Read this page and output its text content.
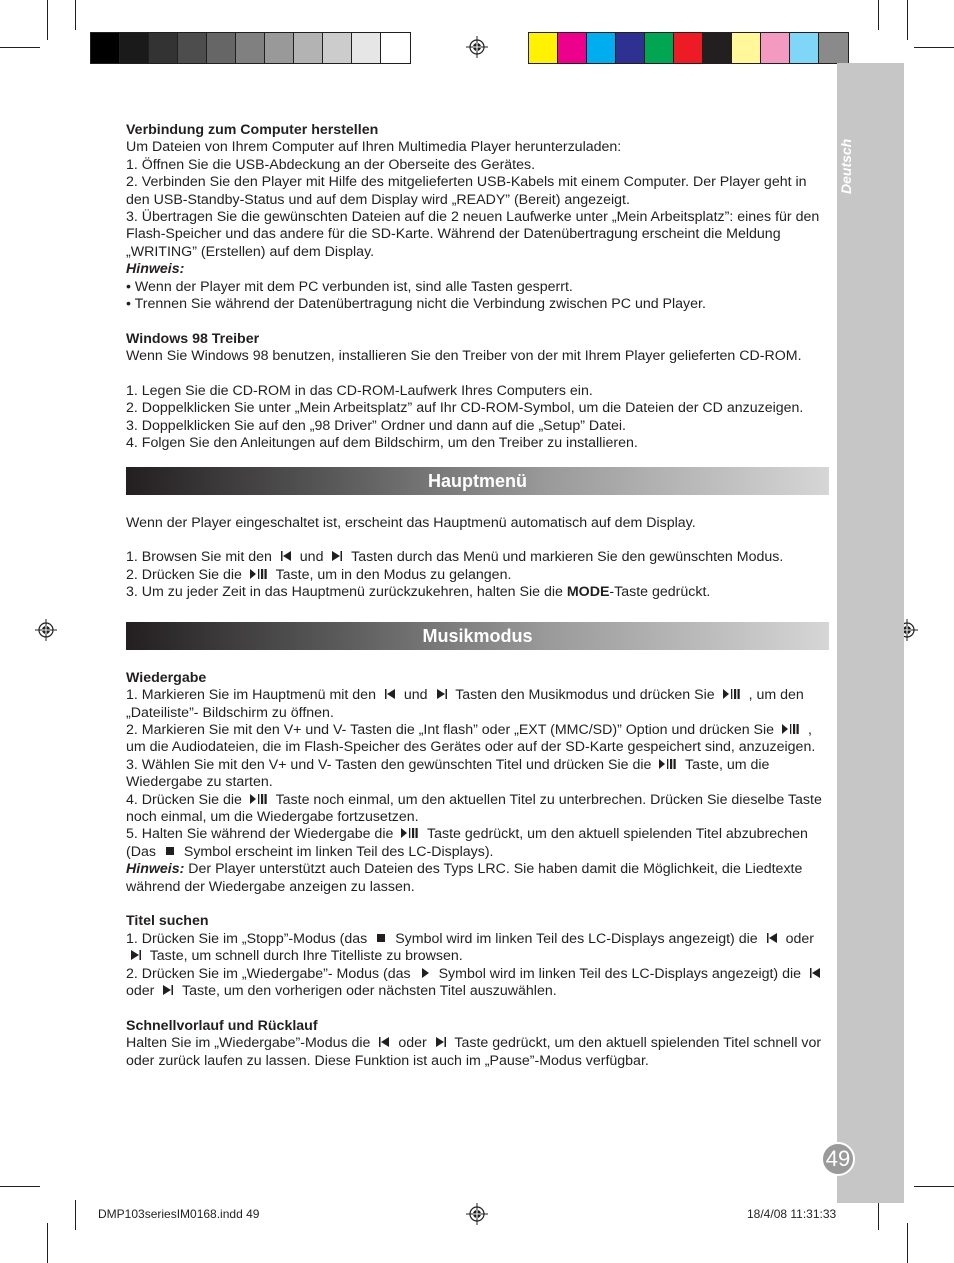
Deutsch
49

Verbindung zum Computer herstellen

Um Dateien von Ihrem Computer auf Ihren Multimedia Player herunterzuladen:

1. Öffnen Sie die USB-Abdeckung an der Oberseite des Gerätes.

2. Verbinden Sie den Player mit Hilfe des mitgelieferten USB-Kabels mit einem Computer. Der Player geht in den USB-Standby-Status und auf dem Display wird „READY” (Bereit) angezeigt.

3. Übertragen Sie die gewünschten Dateien auf die 2 neuen Laufwerke unter „Mein Arbeitsplatz”: eines für den Flash-Speicher und das andere für die SD-Karte. Während der Datenübertragung erscheint die Meldung „WRITING” (Erstellen) auf dem Display.

Hinweis:

• Wenn der Player mit dem PC verbunden ist, sind alle Tasten gesperrt.

• Trennen Sie während der Datenübertragung nicht die Verbindung zwischen PC und Player.

Windows 98 Treiber

Wenn Sie Windows 98 benutzen, installieren Sie den Treiber von der mit Ihrem Player gelieferten CD-ROM.

1. Legen Sie die CD-ROM in das CD-ROM-Laufwerk Ihres Computers ein.

2. Doppelklicken Sie unter „Mein Arbeitsplatz” auf Ihr CD-ROM-Symbol, um die Dateien der CD anzuzeigen.

3. Doppelklicken Sie auf den „98 Driver” Ordner und dann auf die „Setup” Datei.

4. Folgen Sie den Anleitungen auf dem Bildschirm, um den Treiber zu installieren.

Hauptmenü

Wenn der Player eingeschaltet ist, erscheint das Hauptmenü automatisch auf dem Display.

1. Browsen Sie mit den und Tasten durch das Menü und markieren Sie den gewünschten Modus.

2. Drücken Sie die Taste, um in den Modus zu gelangen.

3. Um zu jeder Zeit in das Hauptmenü zurückzukehren, halten Sie die MODE-Taste gedrückt.

Musikmodus

Wiedergabe

1. Markieren Sie im Hauptmenü mit den und Tasten den Musikmodus und drücken Sie , um den „Dateiliste”- Bildschirm zu öffnen.

2. Markieren Sie mit den V+ und V- Tasten die „Int flash” oder „EXT (MMC/SD)” Option und drücken Sie , um die Audiodateien, die im Flash-Speicher des Gerätes oder auf der SD-Karte gespeichert sind, anzuzeigen.

3. Wählen Sie mit den V+ und V- Tasten den gewünschten Titel und drücken Sie die Taste, um die Wiedergabe zu starten.

4. Drücken Sie die Taste noch einmal, um den aktuellen Titel zu unterbrechen. Drücken Sie dieselbe Taste noch einmal, um die Wiedergabe fortzusetzen.

5. Halten Sie während der Wiedergabe die Taste gedrückt, um den aktuell spielenden Titel abzubrechen (Das Symbol erscheint im linken Teil des LC-Displays).

Hinweis: Der Player unterstützt auch Dateien des Typs LRC. Sie haben damit die Möglichkeit, die Liedtexte während der Wiedergabe anzeigen zu lassen.

Titel suchen

1. Drücken Sie im „Stopp”-Modus (das Symbol wird im linken Teil des LC-Displays angezeigt) die oder  Taste, um schnell durch Ihre Titelliste zu browsen.

2. Drücken Sie im „Wiedergabe”- Modus (das Symbol wird im linken Teil des LC-Displays angezeigt) die  oder Taste, um den vorherigen oder nächsten Titel auszuwählen.

Schnellvorlauf und Rücklauf

Halten Sie im „Wiedergabe”-Modus die oder Taste gedrückt, um den aktuell spielenden Titel schnell vor oder zurück laufen zu lassen. Diese Funktion ist auch im „Pause”-Modus verfügbar.

DMP103seriesIM0168.indd 49	18/4/08 11:31:33
